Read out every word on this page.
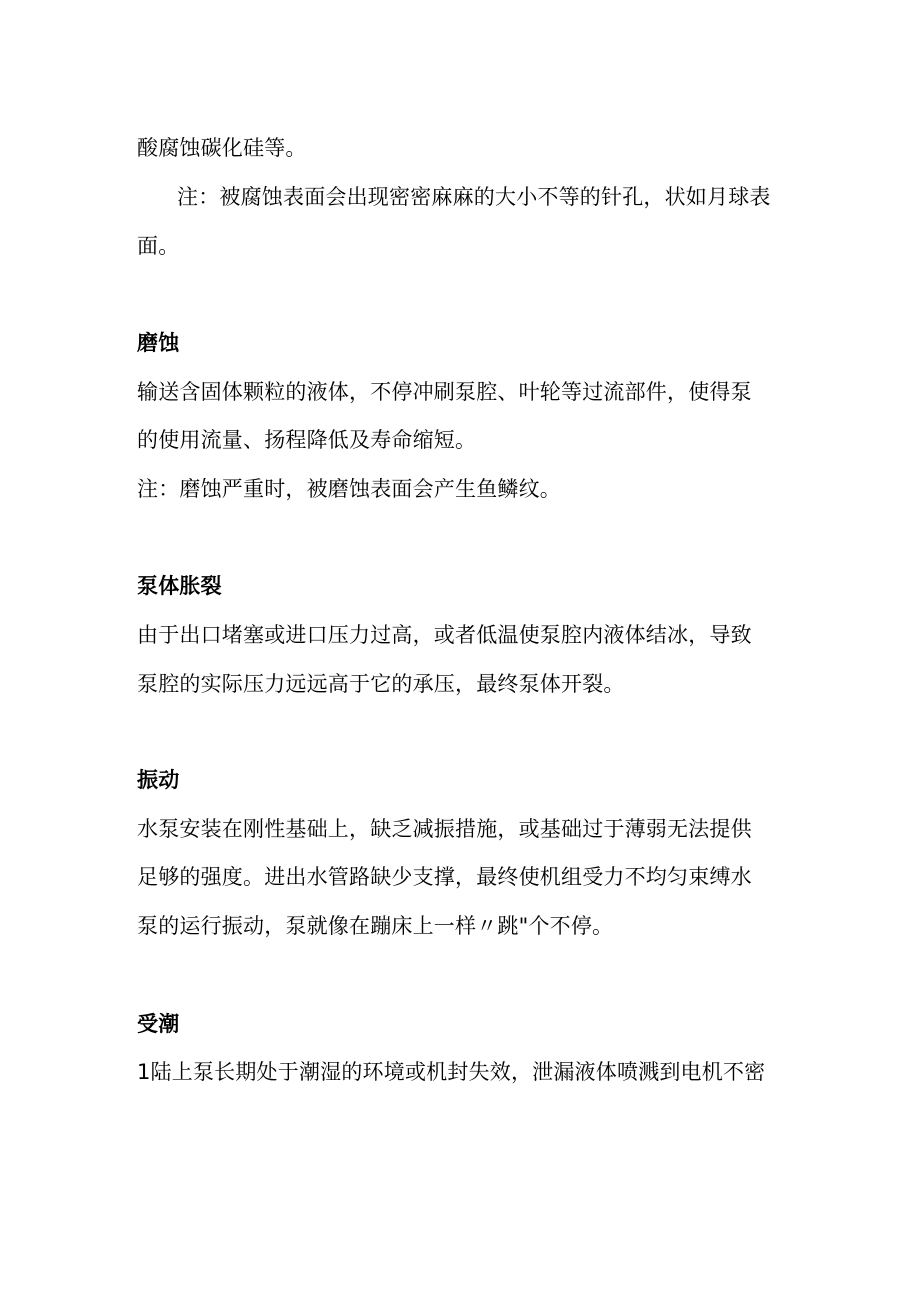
酸腐蚀碳化硅等。
注：被腐蚀表面会出现密密麻麻的大小不等的针孔，状如月球表
面。
磨蚀
输送含固体颗粒的液体，不停冲刷泵腔、叶轮等过流部件，使得泵
的使用流量、扬程降低及寿命缩短。
注：磨蚀严重时，被磨蚀表面会产生鱼鳞纹。
泵体胀裂
由于出口堵塞或进口压力过高，或者低温使泵腔内液体结冰，导致
泵腔的实际压力远远高于它的承压，最终泵体开裂。
振动
水泵安装在刚性基础上，缺乏减振措施，或基础过于薄弱无法提供
足够的强度。进出水管路缺少支撑，最终使机组受力不均匀束缚水
泵的运行振动，泵就像在蹦床上一样〃跳"个不停。
受潮
1陆上泵长期处于潮湿的环境或机封失效，泄漏液体喷溅到电机不密
